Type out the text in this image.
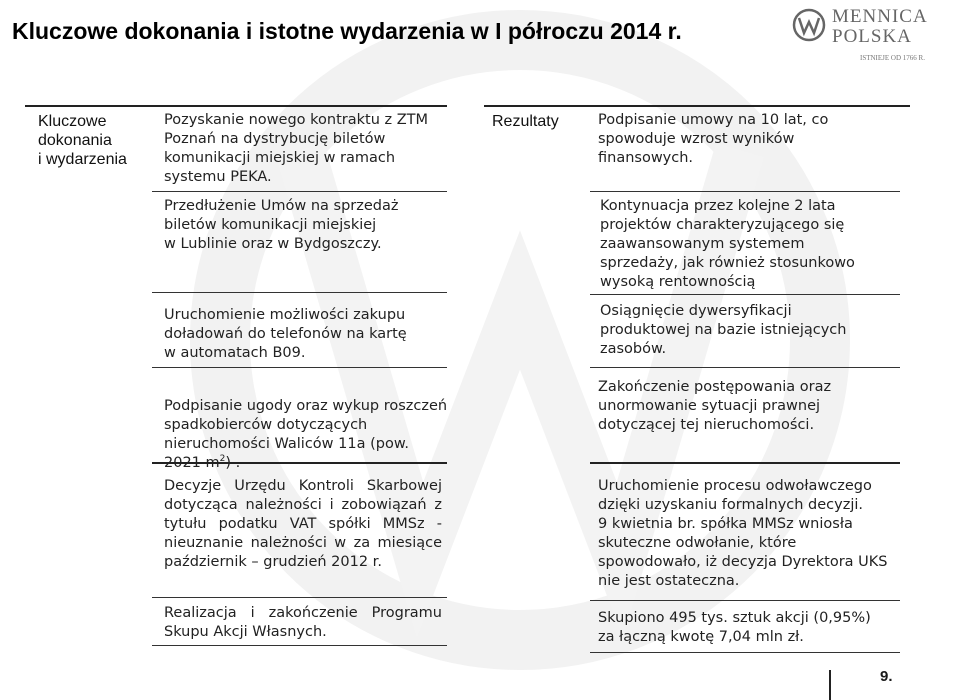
Kluczowe dokonania i istotne wydarzenia w I półroczu 2014 r.
MENNICA
POLSKA
ISTNIEJE OD 1766 R.
Kluczowe
dokonania
i wydarzenia
Rezultaty
Pozyskanie nowego kontraktu z ZTM
Poznań na dystrybucję biletów
komunikacji miejskiej w ramach
systemu PEKA.
Przedłużenie Umów na sprzedaż
biletów komunikacji miejskiej
w Lublinie oraz w Bydgoszczy.
Uruchomienie możliwości zakupu
doładowań do telefonów na kartę
w automatach B09.

Podpisanie ugody oraz wykup roszczeń
spadkobierców dotyczących
nieruchomości Waliców 11a (pow.
2021 $m^2$) .

Decyzje Urzędu Kontroli Skarbowej dotycząca należności i zobowiązań z tytułu podatku VAT spółki MMSz - nieuznanie należności w za miesiące
październik – grudzień 2012 r.
Realizacja i zakończenie Programu
Skupu Akcji Własnych.
Podpisanie umowy na 10 lat, co
spowoduje wzrost wyników
finansowych.
Kontynuacja przez kolejne 2 lata
projektów charakteryzującego się
zaawansowanym systemem
sprzedaży, jak również stosunkowo
wysoką rentownością
Osiągnięcie dywersyfikacji
produktowej na bazie istniejących
zasobów.
Zakończenie postępowania oraz
unormowanie sytuacji prawnej
dotyczącej tej nieruchomości.
Uruchomienie procesu odwoławczego
dzięki uzyskaniu formalnych decyzji.
9 kwietnia br. spółka MMSz wniosła
skuteczne odwołanie, które
spowodowało, iż decyzja Dyrektora UKS
nie jest ostateczna.
Skupiono 495 tys. sztuk akcji (0,95%)
za łączną kwotę 7,04 mln zł.
9.
